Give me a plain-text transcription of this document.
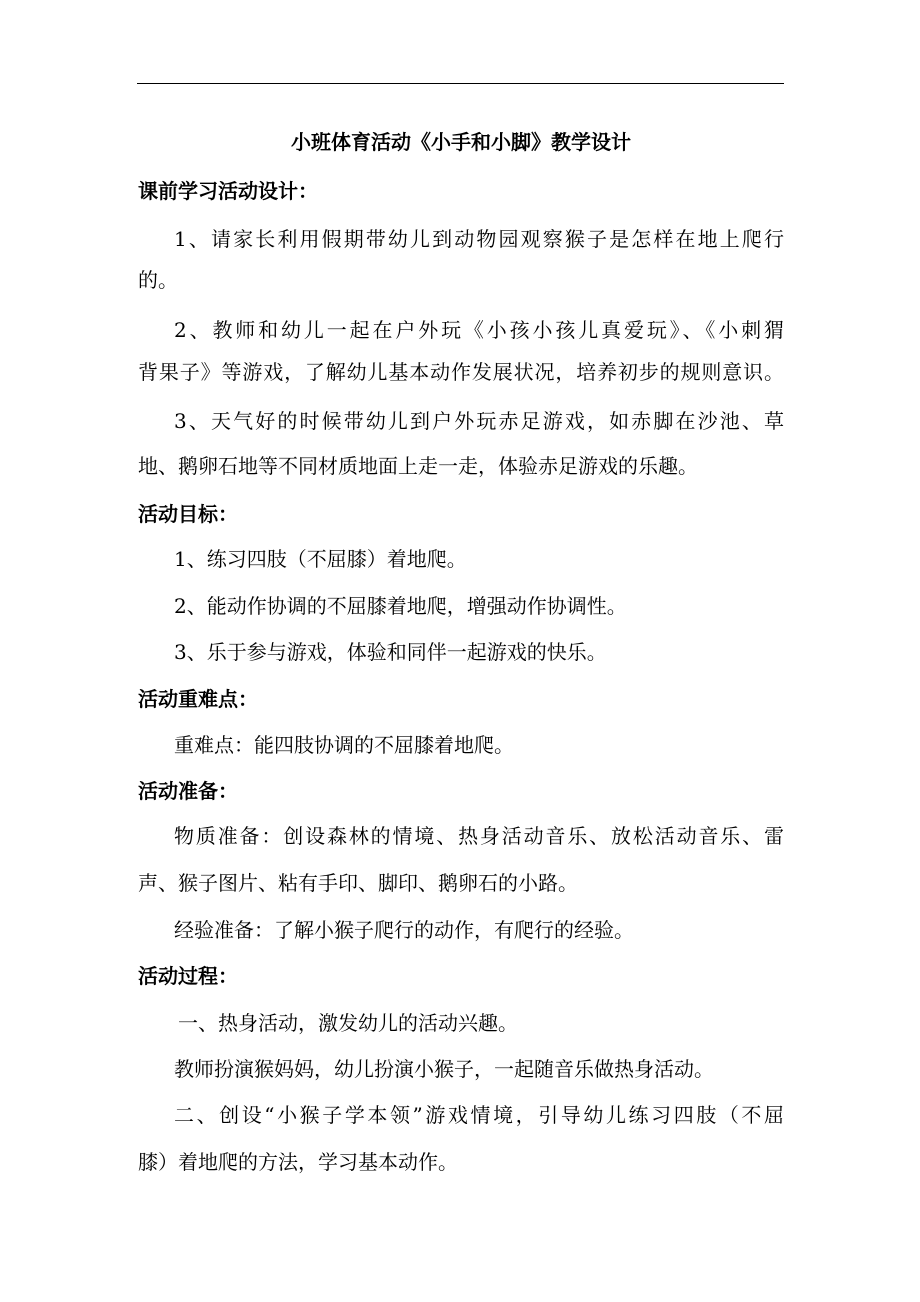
小班体育活动《小手和小脚》教学设计
课前学习活动设计：
1、请家长利用假期带幼儿到动物园观察猴子是怎样在地上爬行
的。
2、教师和幼儿一起在户外玩《小孩小孩儿真爱玩》、《小刺猬
背果子》等游戏，了解幼儿基本动作发展状况，培养初步的规则意识。
3、天气好的时候带幼儿到户外玩赤足游戏，如赤脚在沙池、草
地、鹅卵石地等不同材质地面上走一走，体验赤足游戏的乐趣。
活动目标：
1、练习四肢（不屈膝）着地爬。
2、能动作协调的不屈膝着地爬，增强动作协调性。
3、乐于参与游戏，体验和同伴一起游戏的快乐。
活动重难点：
重难点：能四肢协调的不屈膝着地爬。
活动准备：
物质准备：创设森林的情境、热身活动音乐、放松活动音乐、雷
声、猴子图片、粘有手印、脚印、鹅卵石的小路。
经验准备：了解小猴子爬行的动作，有爬行的经验。
活动过程：
一、热身活动，激发幼儿的活动兴趣。
教师扮演猴妈妈，幼儿扮演小猴子，一起随音乐做热身活动。
二、创设“小猴子学本领”游戏情境，引导幼儿练习四肢（不屈
膝）着地爬的方法，学习基本动作。
